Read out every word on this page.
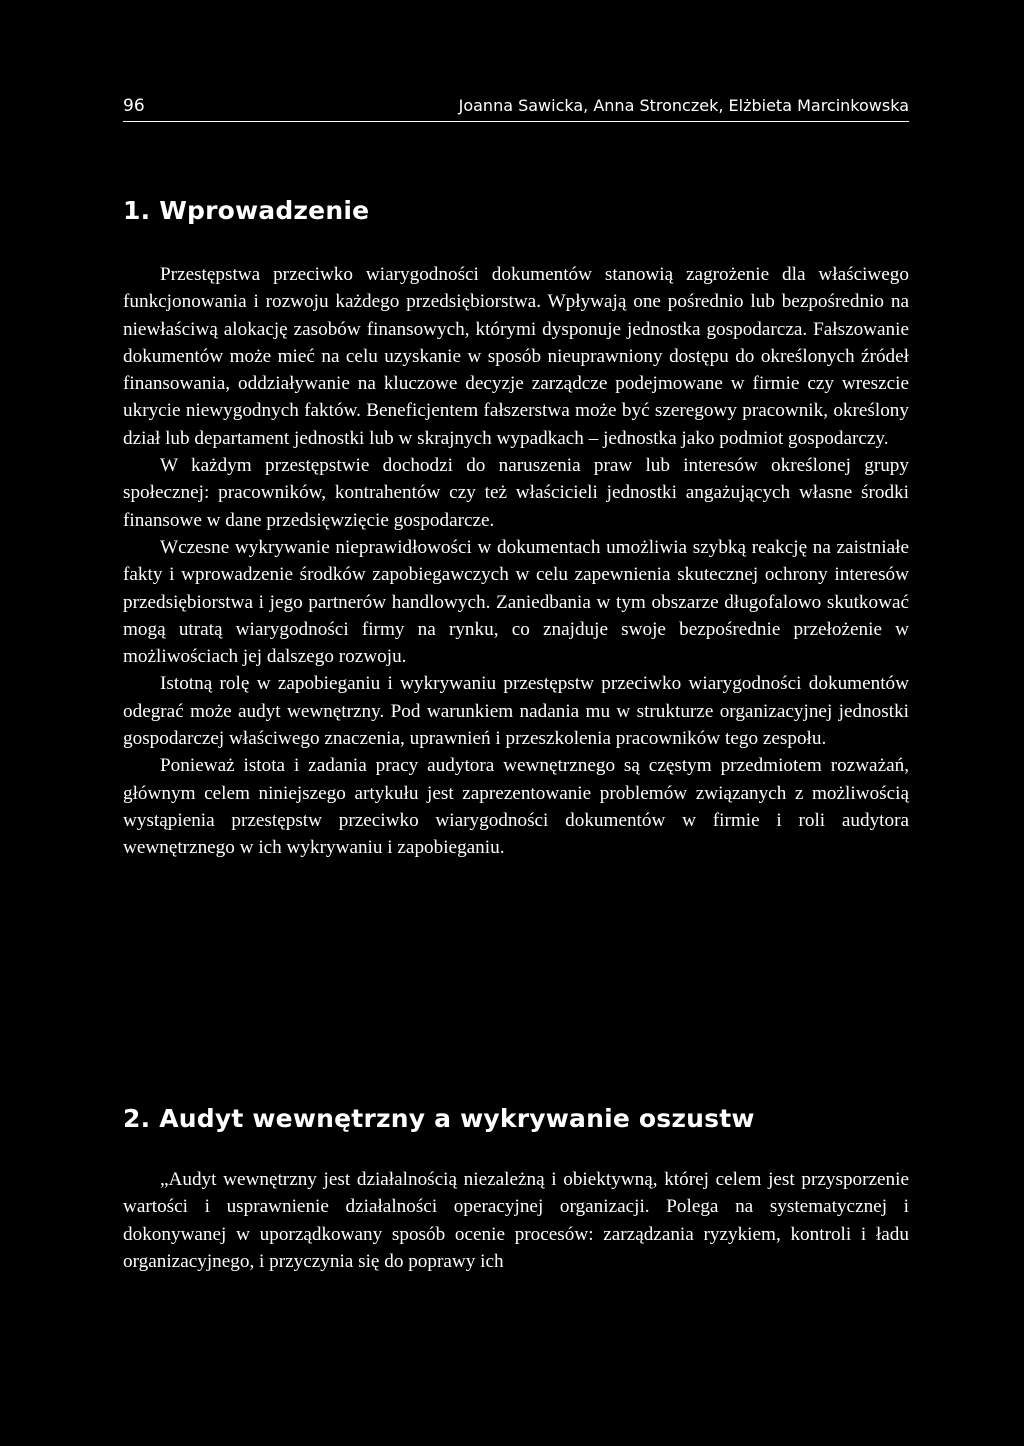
96	Joanna Sawicka, Anna Stronczek, Elżbieta Marcinkowska
1. Wprowadzenie

Przestępstwa przeciwko wiarygodności dokumentów stanowią zagrożenie dla właściwego funkcjonowania i rozwoju każdego przedsiębiorstwa. Wpływają one pośrednio lub bezpośrednio na niewłaściwą alokację zasobów finansowych, którymi dysponuje jednostka gospodarcza. Fałszowanie dokumentów może mieć na celu uzyskanie w sposób nieuprawniony dostępu do określonych źródeł finansowania, oddziaływanie na kluczowe decyzje zarządcze podejmowane w firmie czy wreszcie ukrycie niewygodnych faktów. Beneficjentem fałszerstwa może być szeregowy pracownik, określony dział lub departament jednostki lub w skrajnych wypadkach – jednostka jako podmiot gospodarczy.

W każdym przestępstwie dochodzi do naruszenia praw lub interesów określonej grupy społecznej: pracowników, kontrahentów czy też właścicieli jednostki angażujących własne środki finansowe w dane przedsięwzięcie gospodarcze.

Wczesne wykrywanie nieprawidłowości w dokumentach umożliwia szybką reakcję na zaistniałe fakty i wprowadzenie środków zapobiegawczych w celu zapewnienia skutecznej ochrony interesów przedsiębiorstwa i jego partnerów handlowych. Zaniedbania w tym obszarze długofalowo skutkować mogą utratą wiarygodności firmy na rynku, co znajduje swoje bezpośrednie przełożenie w możliwościach jej dalszego rozwoju.

Istotną rolę w zapobieganiu i wykrywaniu przestępstw przeciwko wiarygodności dokumentów odegrać może audyt wewnętrzny. Pod warunkiem nadania mu w strukturze organizacyjnej jednostki gospodarczej właściwego znaczenia, uprawnień i przeszkolenia pracowników tego zespołu.

Ponieważ istota i zadania pracy audytora wewnętrznego są częstym przedmiotem rozważań, głównym celem niniejszego artykułu jest zaprezentowanie problemów związanych z możliwością wystąpienia przestępstw przeciwko wiarygodności dokumentów w firmie i roli audytora wewnętrznego w ich wykrywaniu i zapobieganiu.

2. Audyt wewnętrzny a wykrywanie oszustw

„Audyt wewnętrzny jest działalnością niezależną i obiektywną, której celem jest przysporzenie wartości i usprawnienie działalności operacyjnej organizacji. Polega na systematycznej i dokonywanej w uporządkowany sposób ocenie procesów: zarządzania ryzykiem, kontroli i ładu organizacyjnego, i przyczynia się do poprawy ich
